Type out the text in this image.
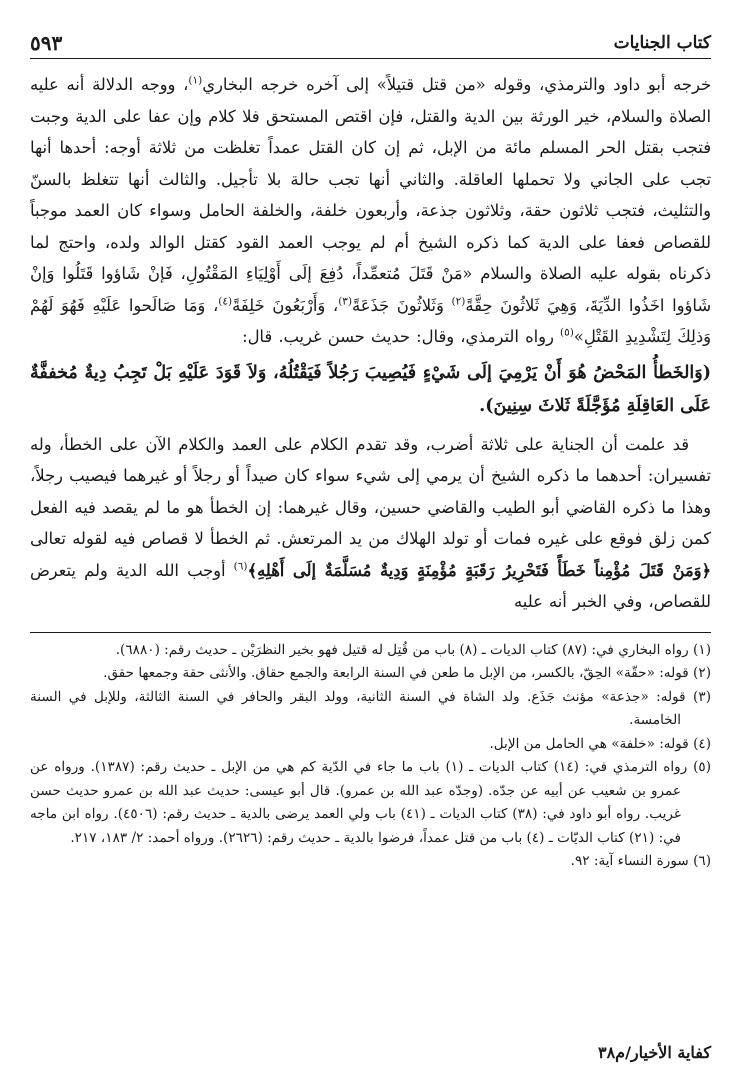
كتاب الجنايات
٥٩٣

خرجه أبو داود والترمذي، وقوله «من قتل قتيلاً» إلى آخره خرجه البخاري$^{(١)}$، ووجه الدلالة أنه عليه الصلاة والسلام، خير الورثة بين الدية والقتل، فإن اقتص المستحق فلا كلام وإن عفا على الدية وجبت فتجب بقتل الحر المسلم مائة من الإبل، ثم إن كان القتل عمداً تغلظت من ثلاثة أوجه: أحدها أنها تجب على الجاني ولا تحملها العاقلة. والثاني أنها تجب حالة بلا تأجيل. والثالث أنها تتغلظ بالسنّ والتثليث، فتجب ثلاثون حقة، وثلاثون جذعة، وأربعون خلفة، والخلفة الحامل وسواء كان العمد موجباً للقصاص فعفا على الدية كما ذكره الشيخ أم لم يوجب العمد القود كقتل الوالد ولده، واحتج لما ذكرناه بقوله عليه الصلاة والسلام «مَنْ قَتَلَ مُتعمِّداً، دُفِعَ إلَى أَوْلِيَاءِ المَقْتُولِ، فَإنْ شَاؤوا قَتَلُوا وَإنْ شَاؤوا اخَذُوا الدِّيَةَ، وَهِيَ ثَلاثُونَ حِقَّةً$^{(٢)}$ وَثَلاثُونَ جَذَعَةً$^{(٣)}$، وَأَرْبَعُونَ خَلِفَةً$^{(٤)}$، وَمَا صَالَحوا عَلَيْهِ فَهُوَ لَهُمْ وَذلِكَ لِتَشْدِيدِ القَتْلِ»$^{(٥)}$ رواه الترمذي، وقال: حديث حسن غريب. قال:

(وَالخَطأُ المَحْضُ هُوَ أَنْ يَرْمِيَ إلَى شَيْءٍ فَيُصِيبَ رَجُلاً فَيَقْتُلُهُ، وَلاَ قَوَدَ عَلَيْهِ بَلْ تَجِبُ دِيةٌ مُخففَّةٌ عَلَى العَاقِلَةِ مُؤَجَّلَةً ثَلاثَ سِنِينَ).

قد علمت أن الجناية على ثلاثة أضرب، وقد تقدم الكلام على العمد والكلام الآن على الخطأ، وله تفسيران: أحدهما ما ذكره الشيخ أن يرمي إلى شيء سواء كان صيداً أو رجلاً أو غيرهما فيصيب رجلاً، وهذا ما ذكره القاضي أبو الطيب والقاضي حسين، وقال غيرهما: إن الخطأ هو ما لم يقصد فيه الفعل كمن زلق فوقع على غيره فمات أو تولد الهلاك من يد المرتعش. ثم الخطأ لا قصاص فيه لقوله تعالى ﴿وَمَنْ قَتَلَ مُؤْمِناً خَطَأً فَتَحْرِيرُ رَقَبَةٍ مُؤْمِنَةٍ وَدِيةٌ مُسَلَّمَةٌ إلَى أَهْلِهِ﴾$^{(٦)}$ أوجب الله الدية ولم يتعرض للقصاص، وفي الخبر أنه عليه

(١) رواه البخاري في: (٨٧) كتاب الديات ـ (٨) باب من قُتِل له قتيل فهو بخير النظرَيْن ـ حديث رقم: (٦٨٨٠).

(٢) قوله: «حقّة» الحِقّ، بالكسر، من الإبل ما طعن في السنة الرابعة والجمع حقاق. والأنثى حقة وجمعها حقق.

(٣) قوله: «جذعة» مؤنث جَذَع. ولد الشاة في السنة الثانية، وولد البقر والحافر في السنة الثالثة، وللإبل في السنة الخامسة.

(٤) قوله: «خلفة» هي الحامل من الإبل.

(٥) رواه الترمذي في: (١٤) كتاب الديات ـ (١) باب ما جاء في الدّية كم هي من الإبل ـ حديث رقم: (١٣٨٧). ورواه عن عمرو بن شعيب عن أبيه عن جدّه. (وجدّه عبد الله بن عمرو). قال أبو عيسى: حديث عبد الله بن عمرو حديث حسن غريب. رواه أبو داود في: (٣٨) كتاب الديات ـ (٤١) باب ولي العمد يرضى بالدية ـ حديث رقم: (٤٥٠٦). رواه ابن ماجه في: (٢١) كتاب الديّات ـ (٤) باب من قتل عمداً، فرضوا بالدية ـ حديث رقم: (٢٦٢٦). ورواه أحمد: ٢/ ١٨٣، ٢١٧.

(٦) سورة النساء آية: ٩٢.

كفاية الأخيار/م٣٨
